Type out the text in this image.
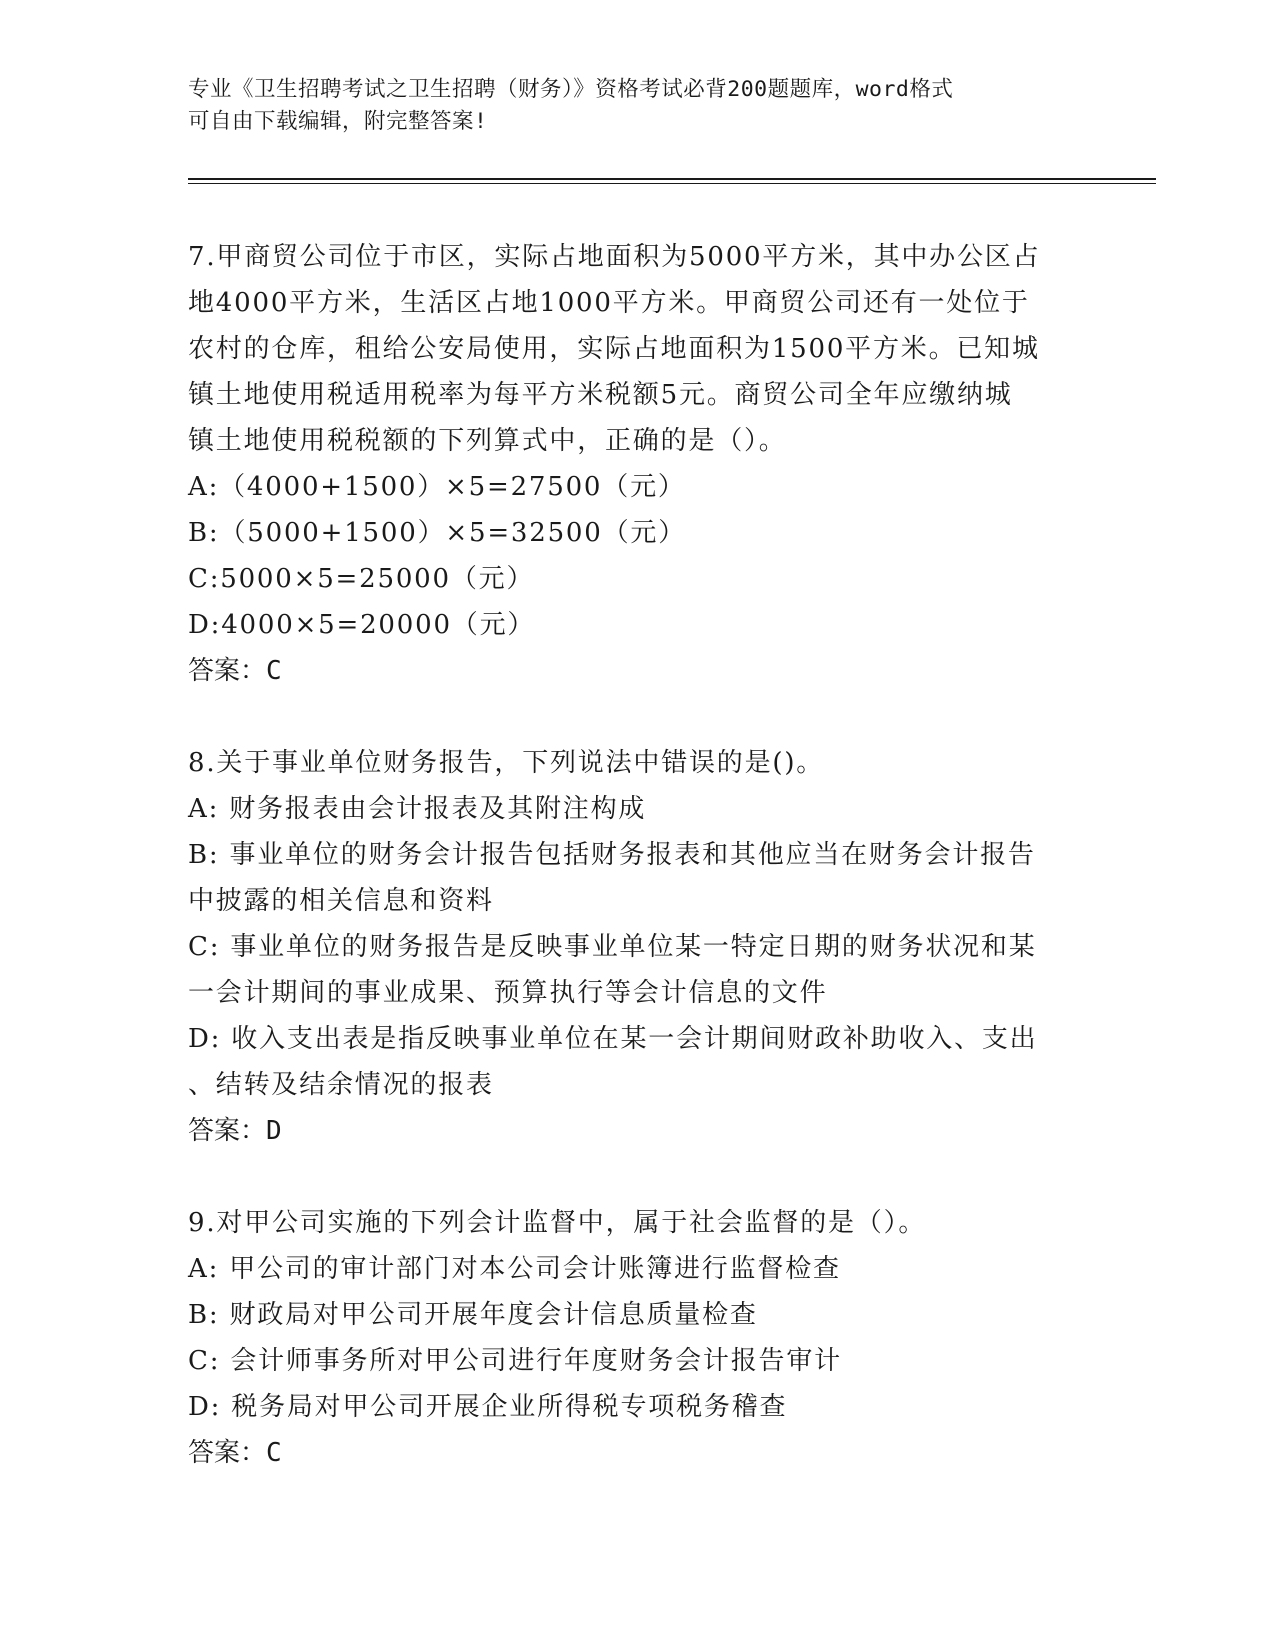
专业《卫生招聘考试之卫生招聘（财务）》资格考试必背200题题库，word格式
可自由下载编辑，附完整答案!
7.甲商贸公司位于市区，实际占地面积为5000平方米，其中办公区占
地4000平方米，生活区占地1000平方米。甲商贸公司还有一处位于
农村的仓库，租给公安局使用，实际占地面积为1500平方米。已知城
镇土地使用税适用税率为每平方米税额5元。商贸公司全年应缴纳城
镇土地使用税税额的下列算式中，正确的是（）。
A:（4000+1500）×5=27500（元）
B:（5000+1500）×5=32500（元）
C:5000×5=25000（元）
D:4000×5=20000（元）
答案：C
8.关于事业单位财务报告，下列说法中错误的是()。
A: 财务报表由会计报表及其附注构成
B: 事业单位的财务会计报告包括财务报表和其他应当在财务会计报告
中披露的相关信息和资料
C: 事业单位的财务报告是反映事业单位某一特定日期的财务状况和某
一会计期间的事业成果、预算执行等会计信息的文件
D: 收入支出表是指反映事业单位在某一会计期间财政补助收入、支出
、结转及结余情况的报表
答案：D
9.对甲公司实施的下列会计监督中，属于社会监督的是（）。
A: 甲公司的审计部门对本公司会计账簿进行监督检查
B: 财政局对甲公司开展年度会计信息质量检查
C: 会计师事务所对甲公司进行年度财务会计报告审计
D: 税务局对甲公司开展企业所得税专项税务稽查
答案：C
